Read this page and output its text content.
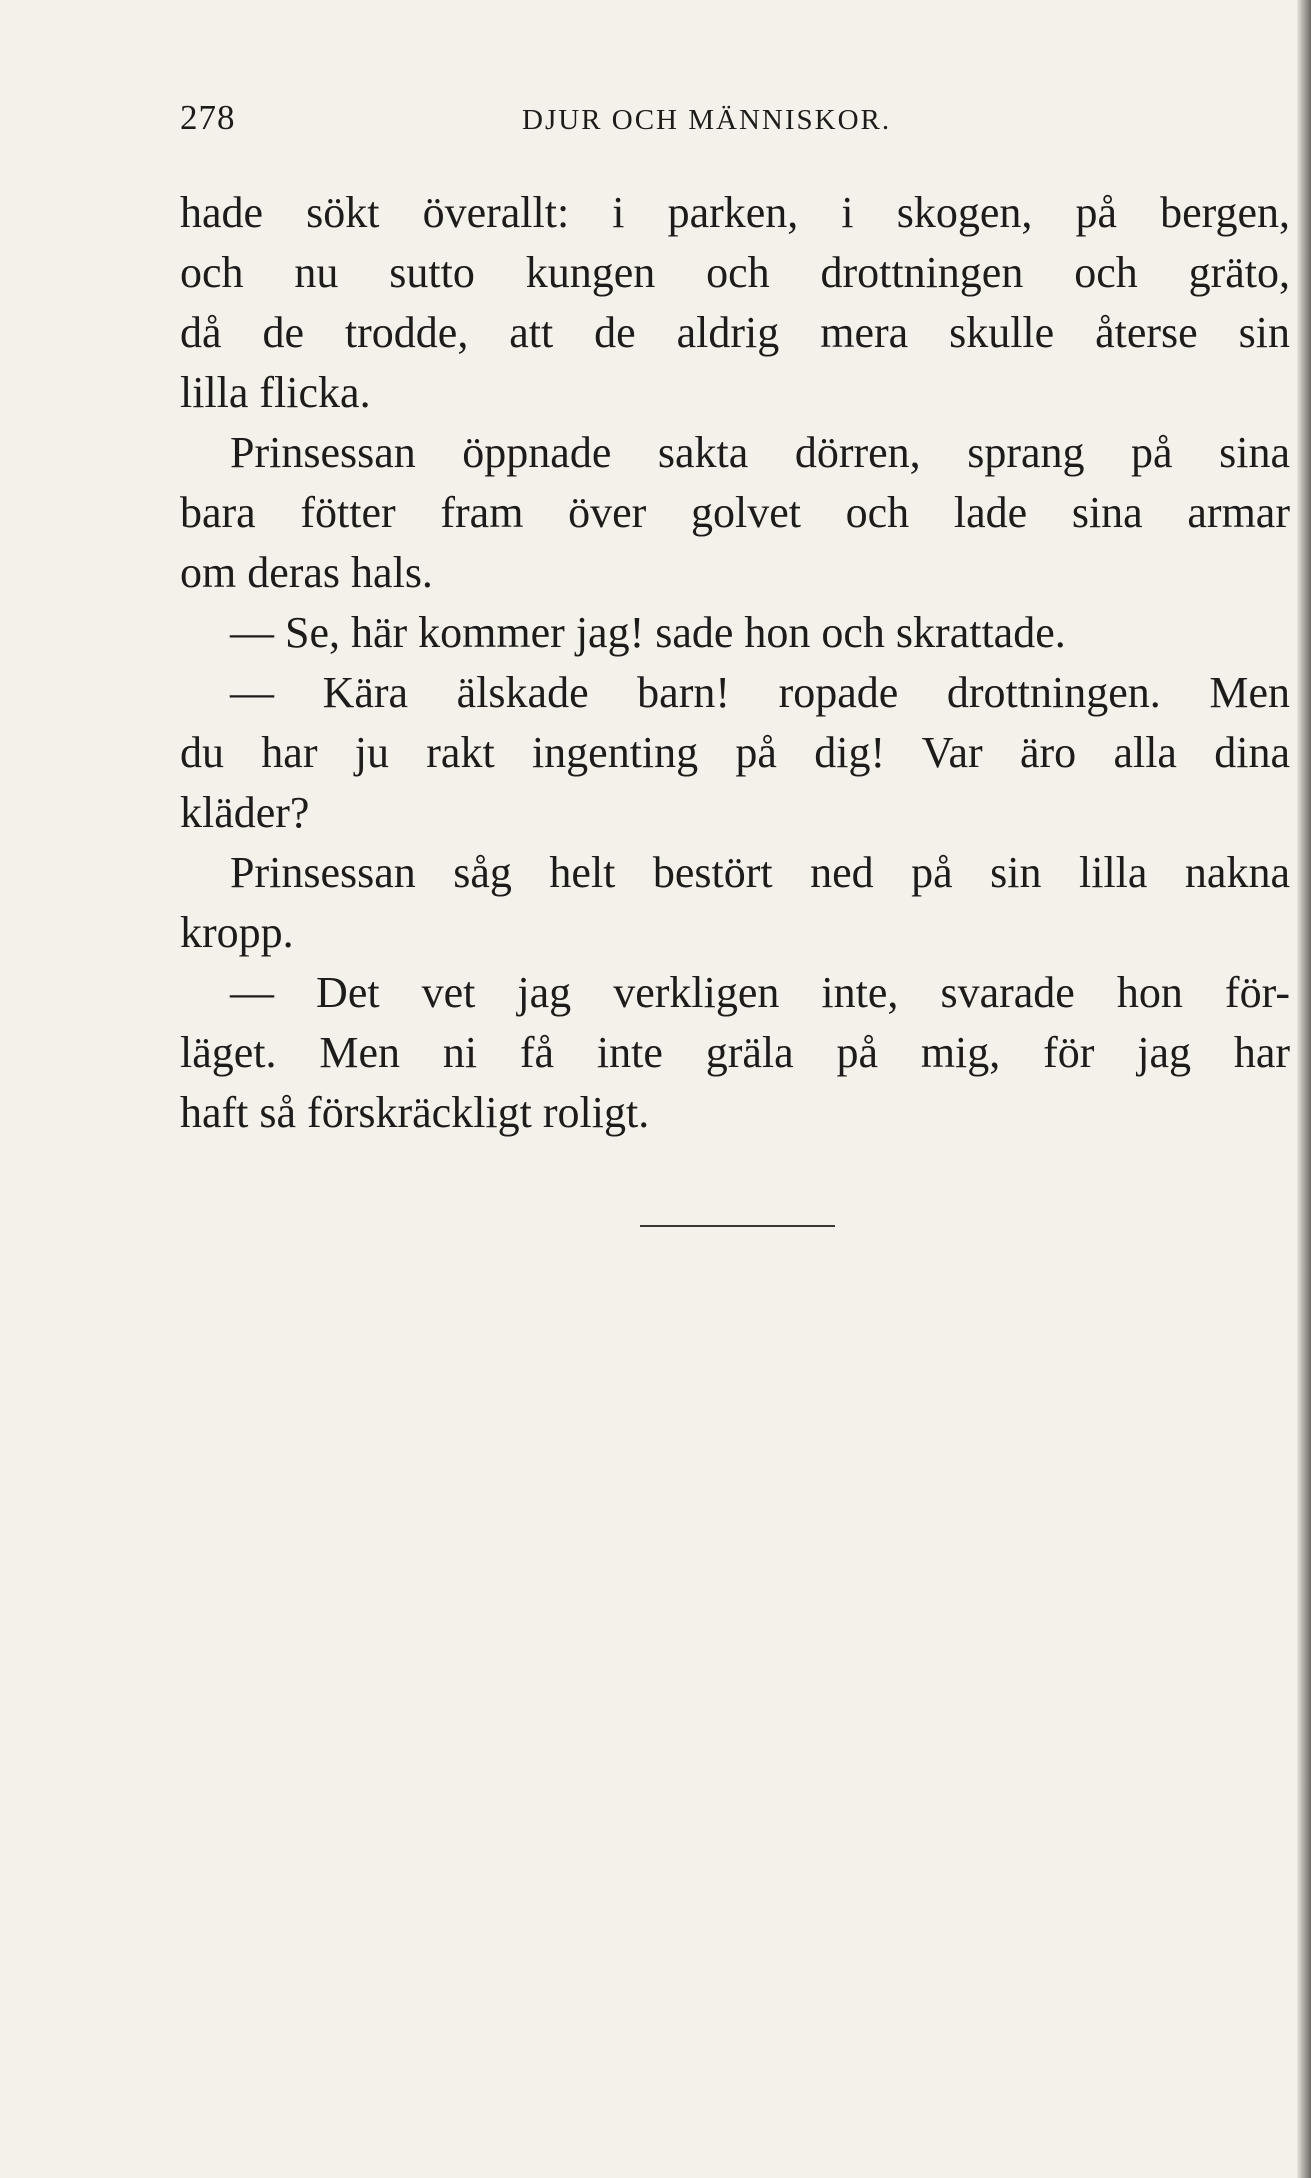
278	DJUR OCH MÄNNISKOR.
hade sökt överallt: i parken, i skogen, på bergen,
och nu sutto kungen och drottningen och gräto,
då de trodde, att de aldrig mera skulle återse sin
lilla flicka.
Prinsessan öppnade sakta dörren, sprang på sina
bara fötter fram över golvet och lade sina armar
om deras hals.
— Se, här kommer jag! sade hon och skrattade.
— Kära älskade barn! ropade drottningen. Men
du har ju rakt ingenting på dig! Var äro alla dina
kläder?
Prinsessan såg helt bestört ned på sin lilla nakna
kropp.
— Det vet jag verkligen inte, svarade hon för-
läget. Men ni få inte gräla på mig, för jag har
haft så förskräckligt roligt.
